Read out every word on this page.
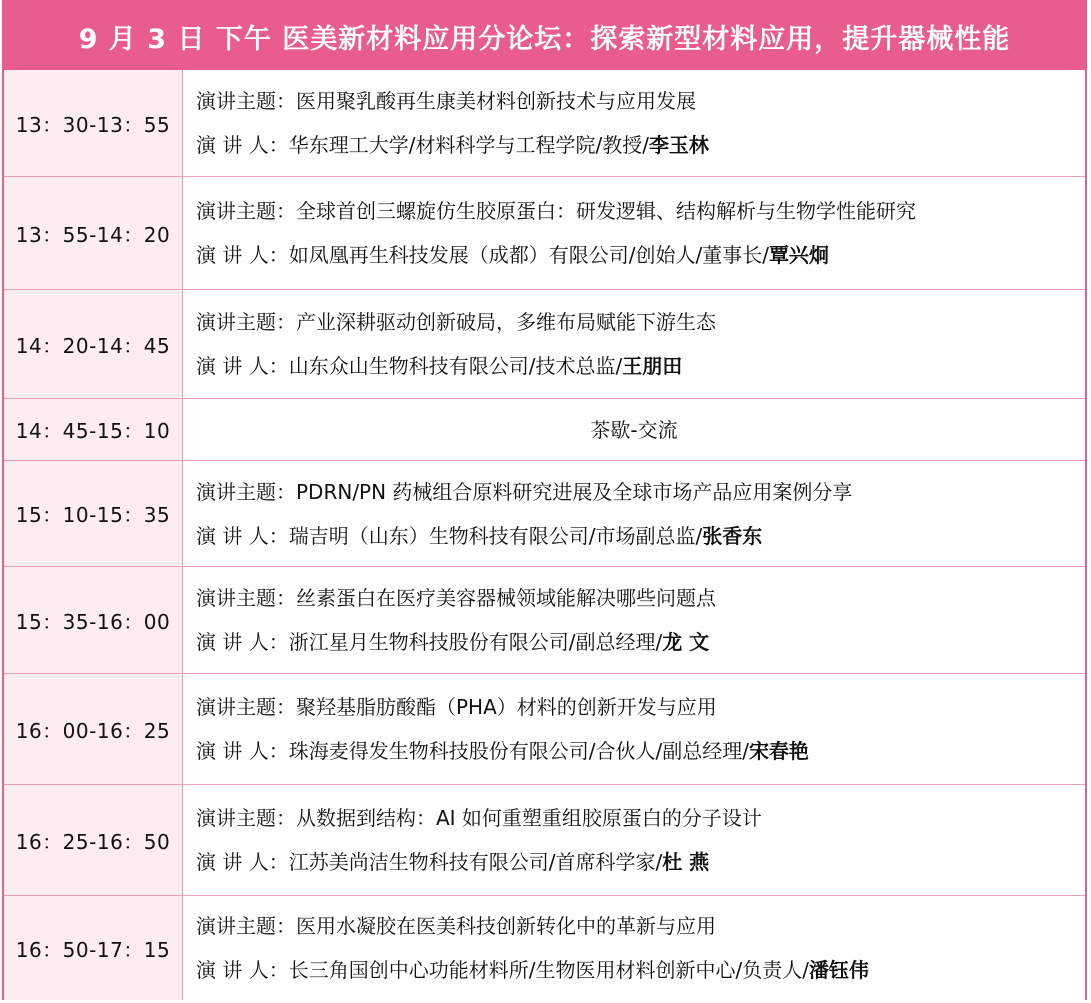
9 月 3 日 下午 医美新材料应用分论坛：探索新型材料应用，提升器械性能
13：30-13：55
演讲主题：医用聚乳酸再生康美材料创新技术与应用发展
演 讲 人：华东理工大学/材料科学与工程学院/教授/李玉林
13：55-14：20
演讲主题：全球首创三螺旋仿生胶原蛋白：研发逻辑、结构解析与生物学性能研究
演 讲 人：如凤凰再生科技发展（成都）有限公司/创始人/董事长/覃兴炯
14：20-14：45
演讲主题：产业深耕驱动创新破局，多维布局赋能下游生态
演 讲 人：山东众山生物科技有限公司/技术总监/王朋田
14：45-15：10	茶歇-交流
15：10-15：35
演讲主题：PDRN/PN 药械组合原料研究进展及全球市场产品应用案例分享
演 讲 人：瑞吉明（山东）生物科技有限公司/市场副总监/张香东
15：35-16：00
演讲主题：丝素蛋白在医疗美容器械领域能解决哪些问题点
演 讲 人：浙江星月生物科技股份有限公司/副总经理/龙 文
16：00-16：25
演讲主题：聚羟基脂肪酸酯（PHA）材料的创新开发与应用
演 讲 人：珠海麦得发生物科技股份有限公司/合伙人/副总经理/宋春艳
16：25-16：50
演讲主题：从数据到结构：AI 如何重塑重组胶原蛋白的分子设计
演 讲 人：江苏美尚洁生物科技有限公司/首席科学家/杜 燕
16：50-17：15
演讲主题：医用水凝胶在医美科技创新转化中的革新与应用
演 讲 人：长三角国创中心功能材料所/生物医用材料创新中心/负责人/潘钰伟
